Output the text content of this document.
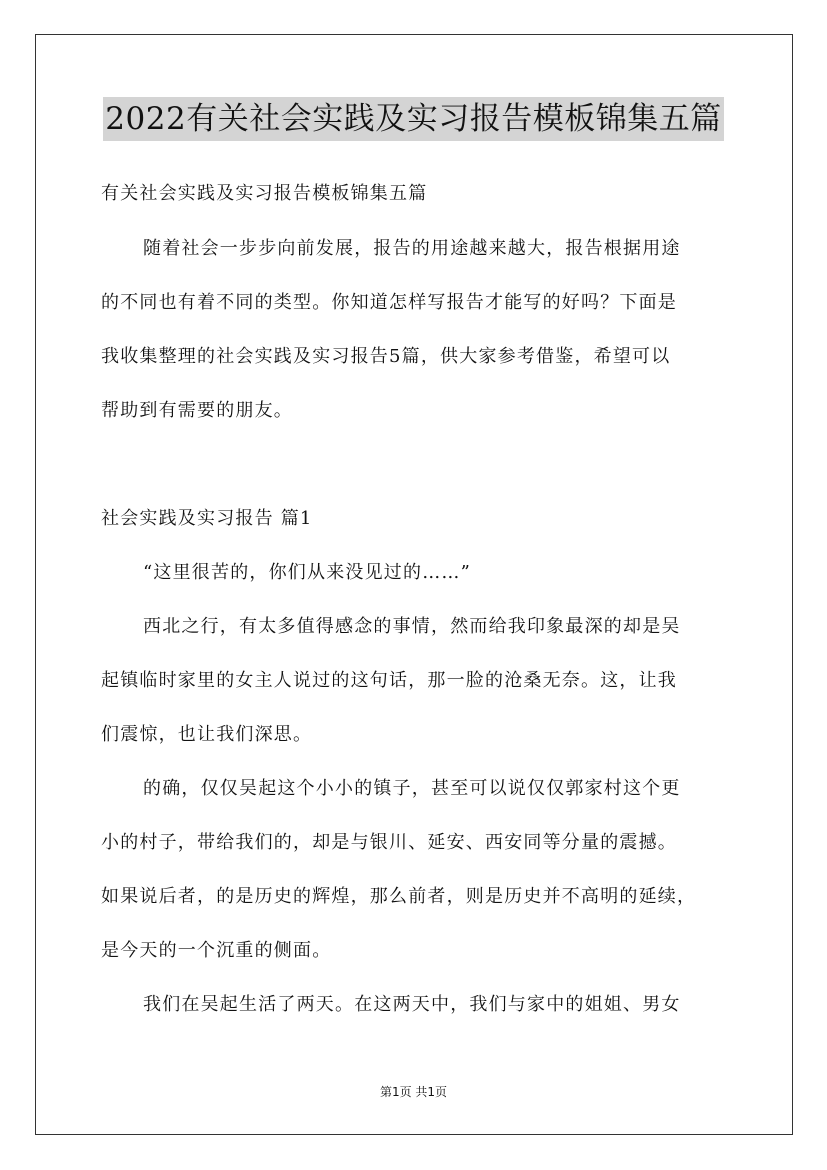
2022有关社会实践及实习报告模板锦集五篇
有关社会实践及实习报告模板锦集五篇
随着社会一步步向前发展，报告的用途越来越大，报告根据用途
的不同也有着不同的类型。你知道怎样写报告才能写的好吗？下面是
我收集整理的社会实践及实习报告5篇，供大家参考借鉴，希望可以
帮助到有需要的朋友。
社会实践及实习报告 篇1
“这里很苦的，你们从来没见过的……”
西北之行，有太多值得感念的事情，然而给我印象最深的却是吴
起镇临时家里的女主人说过的这句话，那一脸的沧桑无奈。这，让我
们震惊，也让我们深思。
的确，仅仅吴起这个小小的镇子，甚至可以说仅仅郭家村这个更
小的村子，带给我们的，却是与银川、延安、西安同等分量的震撼。
如果说后者，的是历史的辉煌，那么前者，则是历史并不高明的延续，
是今天的一个沉重的侧面。
我们在吴起生活了两天。在这两天中，我们与家中的姐姐、男女
第1页 共1页
